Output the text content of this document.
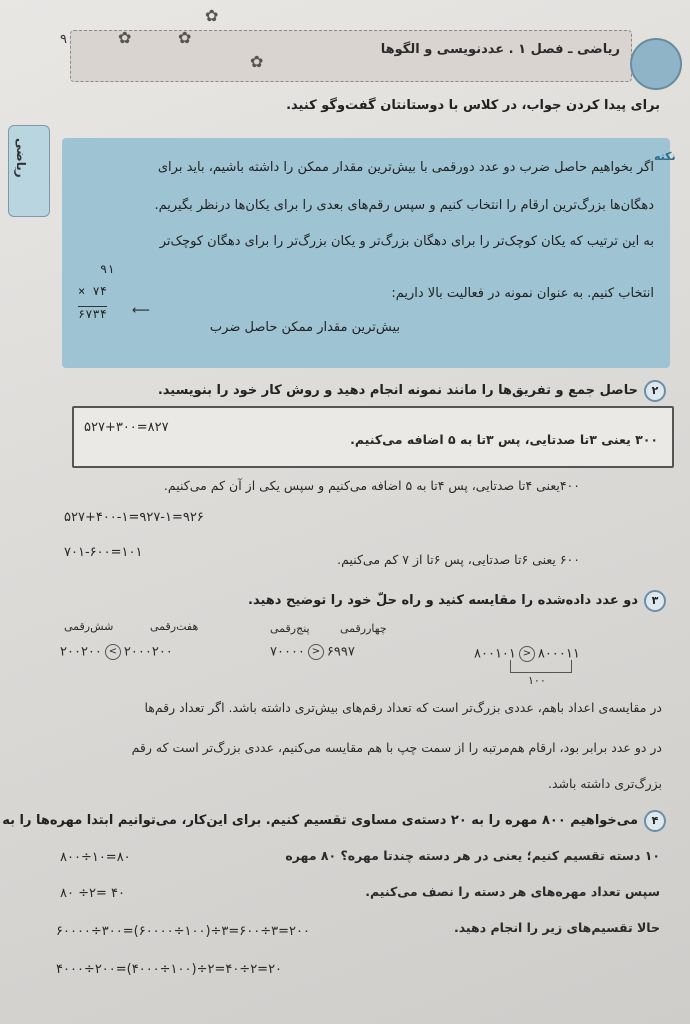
✿
✿	✿
✿
۹
ریاضی ـ فصل ۱ . عددنویسی و الگوها
ریاضی
برای پیدا کردن جواب، در کلاس با دوستانتان گفت‌وگو کنید.
نکته
اگر بخواهیم حاصل ضرب دو عدد دورقمی با بیش‌ترین مقدار ممکن را داشته باشیم، باید برای
دهگان‌ها بزرگ‌ترین ارقام را انتخاب کنیم و سپس رقم‌های بعدی را برای یکان‌ها درنظر بگیریم.
به این ترتیب که یکان کوچک‌تر را برای دهگان بزرگ‌تر و یکان بزرگ‌تر را برای دهگان کوچک‌تر
انتخاب کنیم. به عنوان نمونه در فعالیت بالا داریم:
۹۱
× ۷۴
۶۷۳۴ ⟵
بیش‌ترین مقدار ممکن حاصل ضرب
۲حاصل جمع و تفریق‌ها را مانند نمونه انجام دهید و روش کار خود را بنویسید.
۵۲۷+۳۰۰=۸۲۷
۳۰۰ یعنی ۳تا صدتایی، پس ۳تا به ۵ اضافه می‌کنیم.
۴۰۰یعنی ۴تا صدتایی، پس ۴تا به ۵ اضافه می‌کنیم و سپس یکی از آن کم می‌کنیم.
۵۲۷+۴۰۰-۱=۹۲۷-۱=۹۲۶
۷۰۱-۶۰۰=۱۰۱	۶۰۰ یعنی ۶تا صدتایی، پس ۶تا از ۷ کم می‌کنیم.
۳دو عدد داده‌شده را مقایسه کنید و راه حلّ خود را توضیح دهید.
شش‌رقمی	هفت‌رقمی	پنج‌رقمی	چهاررقمی
۲۰۰۲۰۰ < ۲۰۰۰۲۰۰	۷۰۰۰۰ > ۶۹۹۷	۸۰۰۱۰۱ > ۸۰۰۰۱۱
۱۰۰
در مقایسه‌ی اعداد باهم، عددی بزرگ‌تر است که تعداد رقم‌های بیش‌تری داشته باشد. اگر تعداد رقم‌ها
در دو عدد برابر بود، ارقام هم‌مرتبه را از سمت چپ با هم مقایسه می‌کنیم، عددی بزرگ‌تر است که رقم
بزرگ‌تری داشته باشد.
۴می‌خواهیم ۸۰۰ مهره را به ۲۰ دسته‌ی مساوی تقسیم کنیم. برای این‌کار، می‌توانیم ابتدا مهره‌ها را به
۱۰ دسته تقسیم کنیم؛ یعنی در هر دسته چندتا مهره؟ ۸۰ مهره
۸۰۰÷۱۰=۸۰
سپس تعداد مهره‌های هر دسته را نصف می‌کنیم.
۸۰ ÷۲= ۴۰
حالا تقسیم‌های زیر را انجام دهید.
۶۰۰۰۰÷۳۰۰=(۶۰۰۰۰÷۱۰۰)÷۳=۶۰۰÷۳=۲۰۰
۴۰۰۰÷۲۰۰=(۴۰۰۰÷۱۰۰)÷۲=۴۰÷۲=۲۰
